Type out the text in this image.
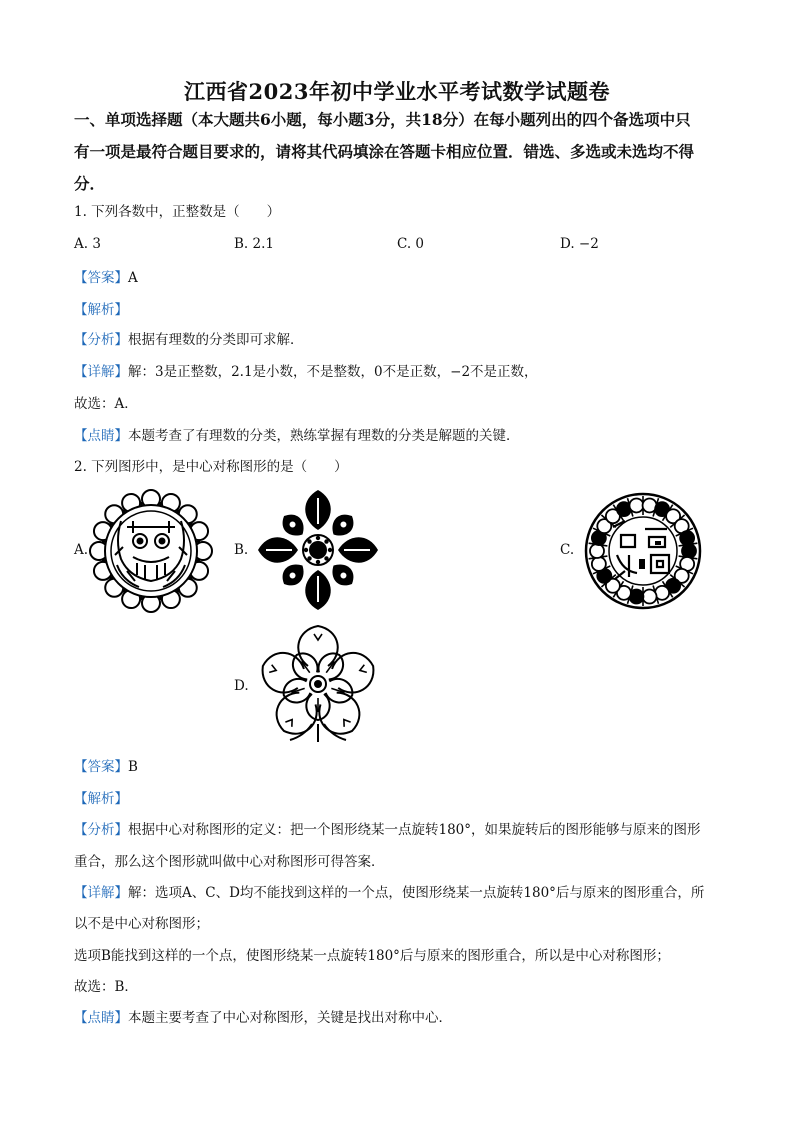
江西省2023年初中学业水平考试数学试题卷
一、单项选择题（本大题共6小题，每小题3分，共18分）在每小题列出的四个备选项中只
有一项是最符合题目要求的，请将其代码填涂在答题卡相应位置．错选、多选或未选均不得
分．
1. 下列各数中，正整数是（　　）
A. 3	B. 2.1	C. 0	D. −2
【答案】A
【解析】
【分析】根据有理数的分类即可求解．
【详解】解：3是正整数，2.1是小数，不是整数，0不是正数，−2不是正数，
故选：A．
【点睛】本题考查了有理数的分类，熟练掌握有理数的分类是解题的关键．
2. 下列图形中，是中心对称图形的是（　　）
A.	B.	C.
D.
【答案】B
【解析】
【分析】根据中心对称图形的定义：把一个图形绕某一点旋转180°，如果旋转后的图形能够与原来的图形
重合，那么这个图形就叫做中心对称图形可得答案．
【详解】解：选项A、C、D均不能找到这样的一个点，使图形绕某一点旋转180°后与原来的图形重合，所
以不是中心对称图形；
选项B能找到这样的一个点，使图形绕某一点旋转180°后与原来的图形重合，所以是中心对称图形；
故选：B．
【点睛】本题主要考查了中心对称图形，关键是找出对称中心．
